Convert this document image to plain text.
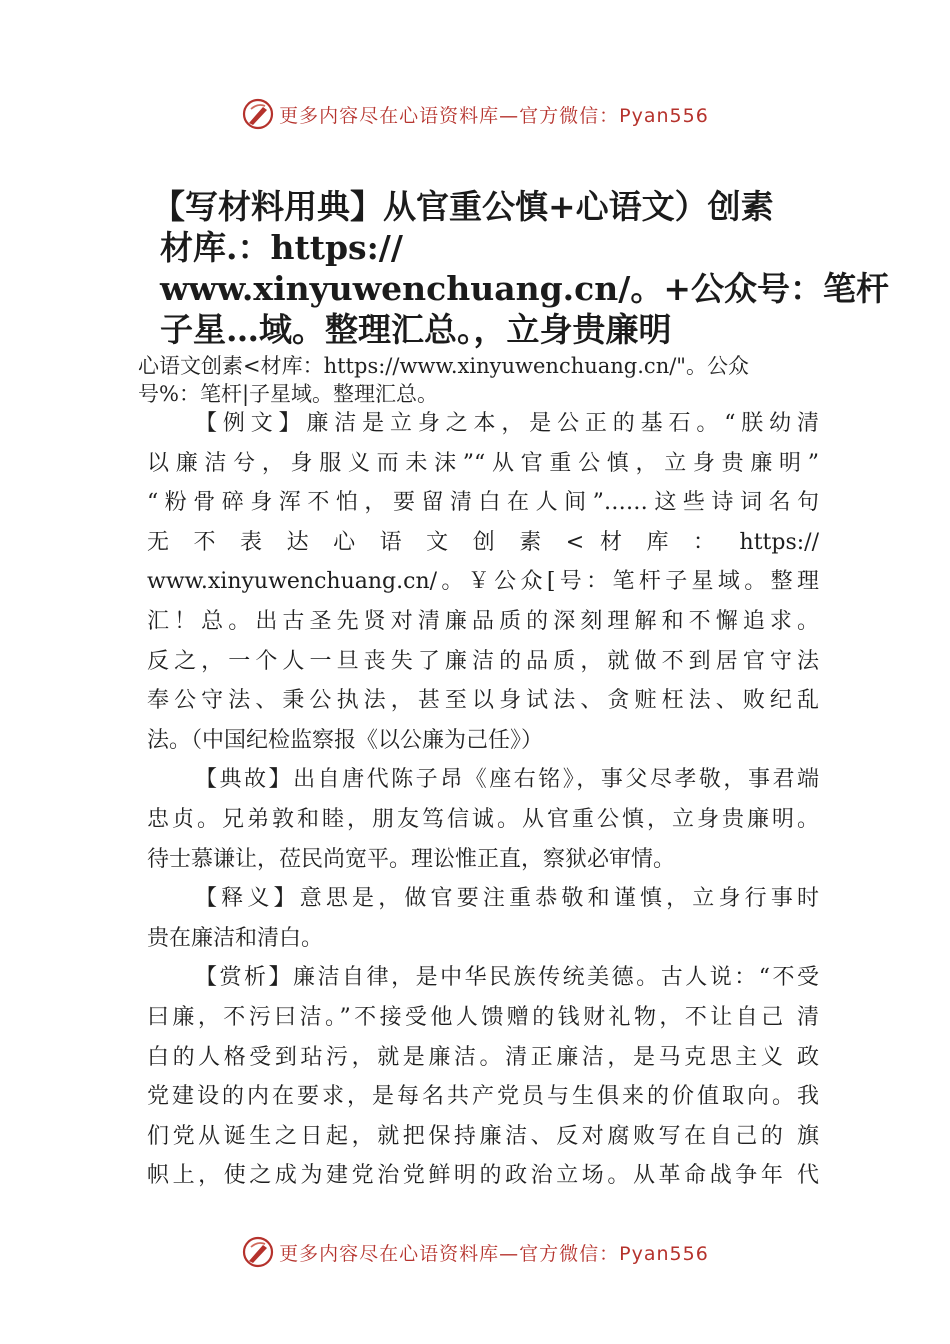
更多内容尽在心语资料库—官方微信：Pyan556
【写材料用典】从官重公慎+心语文）创素
材库.：https://
www.xinyuwenchuang.cn/。+公众号：笔杆
子星…域。整理汇总。，立身贵廉明
心语文创素<材库：https://www.xinyuwenchuang.cn/"。公众
号%：笔杆|子星域。整理汇总。
【例文】廉洁是立身之本，是公正的基石。“朕幼清
以廉洁兮，身服义而未沫”“从官重公慎，立身贵廉明”
“粉骨碎身浑不怕，要留清白在人间”……这些诗词名句
无 不 表 达 心 语 文 创 素 < 材 库 ： https://
www.xinyuwenchuang.cn/。￥公众[号：笔杆子星域。整理
汇！总。出古圣先贤对清廉品质的深刻理解和不懈追求。
反之，一个人一旦丧失了廉洁的品质，就做不到居官守法
奉公守法、秉公执法，甚至以身试法、贪赃枉法、败纪乱
法。（中国纪检监察报《以公廉为己任》）
【典故】出自唐代陈子昂《座右铭》，事父尽孝敬，事君端
忠贞。兄弟敦和睦，朋友笃信诚。从官重公慎，立身贵廉明。
待士慕谦让，莅民尚宽平。理讼惟正直，察狱必审情。
【释义】意思是，做官要注重恭敬和谨慎，立身行事时
贵在廉洁和清白。
【赏析】廉洁自律，是中华民族传统美德。古人说：“不受
曰廉，不污曰洁。”不接受他人馈赠的钱财礼物，不让自己 清
白的人格受到玷污，就是廉洁。清正廉洁，是马克思主义 政
党建设的内在要求，是每名共产党员与生俱来的价值取向。我
们党从诞生之日起，就把保持廉洁、反对腐败写在自己的 旗
帜上，使之成为建党治党鲜明的政治立场。从革命战争年 代
更多内容尽在心语资料库—官方微信：Pyan556
